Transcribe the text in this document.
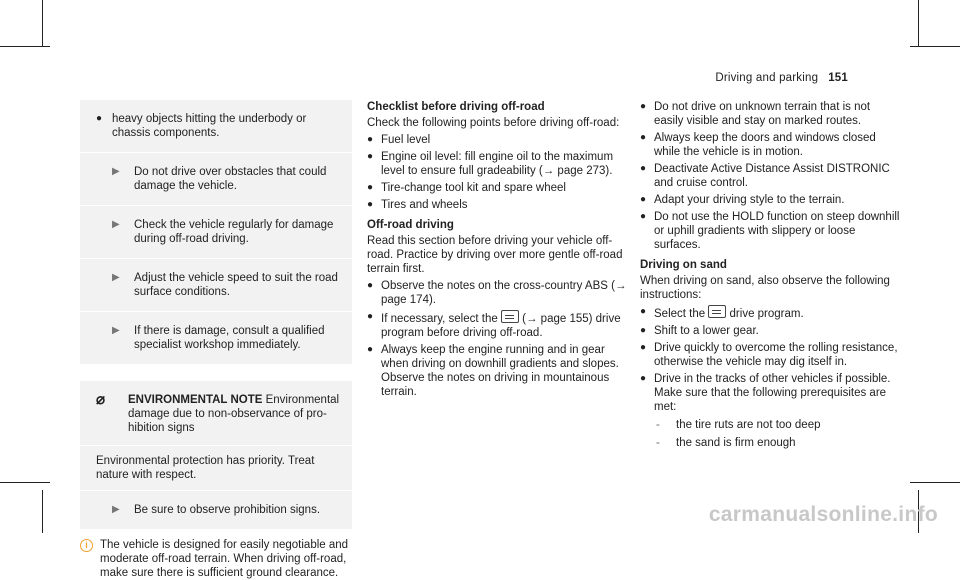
Driving and parking 151
● heavy objects hitting the underbody or chassis components.
▶	Do not drive over obstacles that could damage the vehicle.
▶	Check the vehicle regularly for damage during off-road driving.
▶	Adjust the vehicle speed to suit the road surface conditions.
▶	If there is damage, consult a qualified specialist workshop immediately.
⌀	ENVIRONMENTAL NOTE Environmental damage due to non-observance of prohibition signs
Environmental protection has priority. Treat nature with respect.
▶	Be sure to observe prohibition signs.
i	The vehicle is designed for easily negotiable and moderate off-road terrain. When driving off-road, make sure there is sufficient ground clearance.
Checklist before driving off-road
Check the following points before driving off-road:
● Fuel level
● Engine oil level: fill engine oil to the maximum level to ensure full gradeability (→ page 273).
● Tire-change tool kit and spare wheel
● Tires and wheels
Off-road driving
Read this section before driving your vehicle off-road. Practice by driving over more gentle off-road terrain first.
● Observe the notes on the cross-country ABS (→ page 174).
● If necessary, select the  (→ page 155) drive program before driving off-road.
● Always keep the engine running and in gear when driving on downhill gradients and slopes. Observe the notes on driving in mountainous terrain.
● Do not drive on unknown terrain that is not easily visible and stay on marked routes.
● Always keep the doors and windows closed while the vehicle is in motion.
● Deactivate Active Distance Assist DISTRONIC and cruise control.
● Adapt your driving style to the terrain.
● Do not use the HOLD function on steep downhill or uphill gradients with slippery or loose surfaces.
Driving on sand
When driving on sand, also observe the following instructions:
● Select the  drive program.
● Shift to a lower gear.
● Drive quickly to overcome the rolling resistance, otherwise the vehicle may dig itself in.
● Drive in the tracks of other vehicles if possible. Make sure that the following prerequisites are met:
-	the tire ruts are not too deep
-	the sand is firm enough
carmanualsonline.info
